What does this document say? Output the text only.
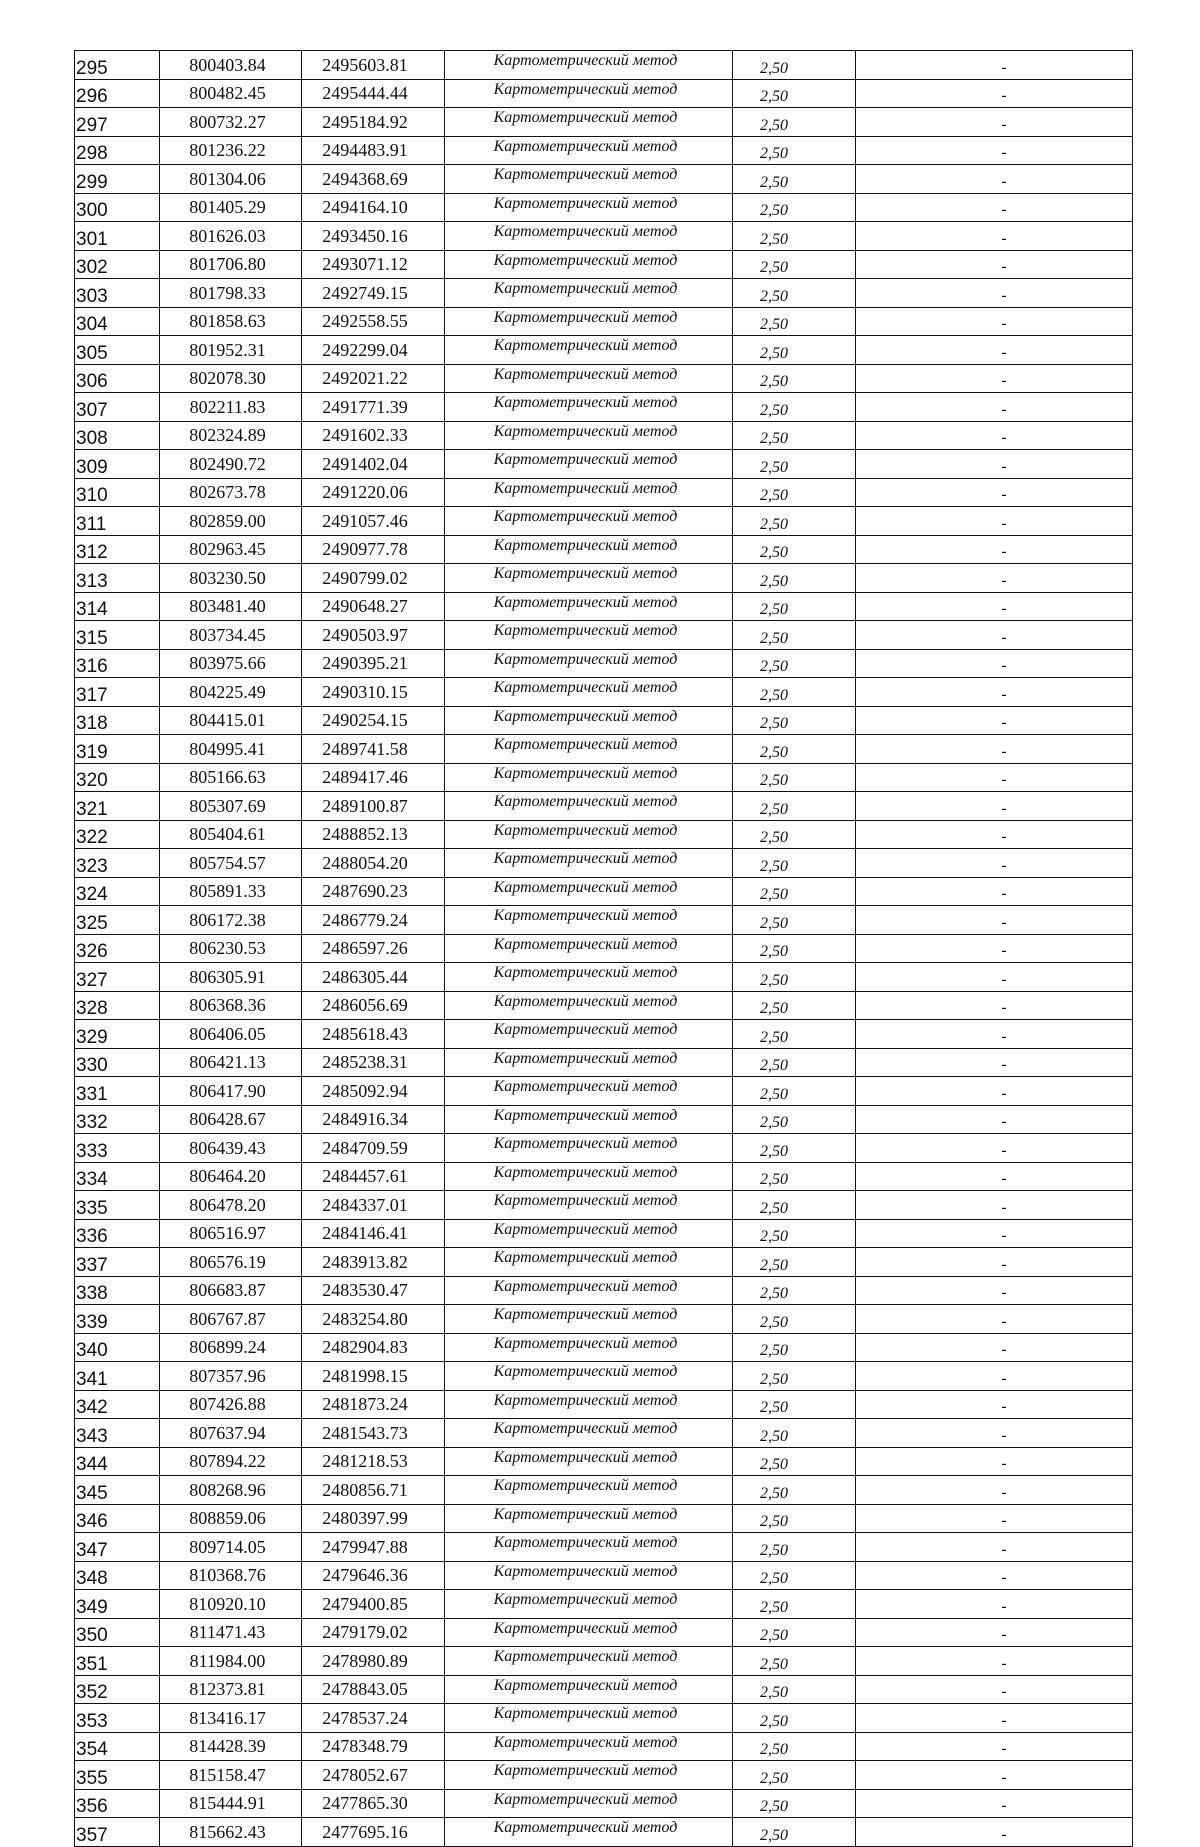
295	800403.84	2495603.81	Картометрический метод	2,50	-
296	800482.45	2495444.44	Картометрический метод	2,50	-
297	800732.27	2495184.92	Картометрический метод	2,50	-
298	801236.22	2494483.91	Картометрический метод	2,50	-
299	801304.06	2494368.69	Картометрический метод	2,50	-
300	801405.29	2494164.10	Картометрический метод	2,50	-
301	801626.03	2493450.16	Картометрический метод	2,50	-
302	801706.80	2493071.12	Картометрический метод	2,50	-
303	801798.33	2492749.15	Картометрический метод	2,50	-
304	801858.63	2492558.55	Картометрический метод	2,50	-
305	801952.31	2492299.04	Картометрический метод	2,50	-
306	802078.30	2492021.22	Картометрический метод	2,50	-
307	802211.83	2491771.39	Картометрический метод	2,50	-
308	802324.89	2491602.33	Картометрический метод	2,50	-
309	802490.72	2491402.04	Картометрический метод	2,50	-
310	802673.78	2491220.06	Картометрический метод	2,50	-
311	802859.00	2491057.46	Картометрический метод	2,50	-
312	802963.45	2490977.78	Картометрический метод	2,50	-
313	803230.50	2490799.02	Картометрический метод	2,50	-
314	803481.40	2490648.27	Картометрический метод	2,50	-
315	803734.45	2490503.97	Картометрический метод	2,50	-
316	803975.66	2490395.21	Картометрический метод	2,50	-
317	804225.49	2490310.15	Картометрический метод	2,50	-
318	804415.01	2490254.15	Картометрический метод	2,50	-
319	804995.41	2489741.58	Картометрический метод	2,50	-
320	805166.63	2489417.46	Картометрический метод	2,50	-
321	805307.69	2489100.87	Картометрический метод	2,50	-
322	805404.61	2488852.13	Картометрический метод	2,50	-
323	805754.57	2488054.20	Картометрический метод	2,50	-
324	805891.33	2487690.23	Картометрический метод	2,50	-
325	806172.38	2486779.24	Картометрический метод	2,50	-
326	806230.53	2486597.26	Картометрический метод	2,50	-
327	806305.91	2486305.44	Картометрический метод	2,50	-
328	806368.36	2486056.69	Картометрический метод	2,50	-
329	806406.05	2485618.43	Картометрический метод	2,50	-
330	806421.13	2485238.31	Картометрический метод	2,50	-
331	806417.90	2485092.94	Картометрический метод	2,50	-
332	806428.67	2484916.34	Картометрический метод	2,50	-
333	806439.43	2484709.59	Картометрический метод	2,50	-
334	806464.20	2484457.61	Картометрический метод	2,50	-
335	806478.20	2484337.01	Картометрический метод	2,50	-
336	806516.97	2484146.41	Картометрический метод	2,50	-
337	806576.19	2483913.82	Картометрический метод	2,50	-
338	806683.87	2483530.47	Картометрический метод	2,50	-
339	806767.87	2483254.80	Картометрический метод	2,50	-
340	806899.24	2482904.83	Картометрический метод	2,50	-
341	807357.96	2481998.15	Картометрический метод	2,50	-
342	807426.88	2481873.24	Картометрический метод	2,50	-
343	807637.94	2481543.73	Картометрический метод	2,50	-
344	807894.22	2481218.53	Картометрический метод	2,50	-
345	808268.96	2480856.71	Картометрический метод	2,50	-
346	808859.06	2480397.99	Картометрический метод	2,50	-
347	809714.05	2479947.88	Картометрический метод	2,50	-
348	810368.76	2479646.36	Картометрический метод	2,50	-
349	810920.10	2479400.85	Картометрический метод	2,50	-
350	811471.43	2479179.02	Картометрический метод	2,50	-
351	811984.00	2478980.89	Картометрический метод	2,50	-
352	812373.81	2478843.05	Картометрический метод	2,50	-
353	813416.17	2478537.24	Картометрический метод	2,50	-
354	814428.39	2478348.79	Картометрический метод	2,50	-
355	815158.47	2478052.67	Картометрический метод	2,50	-
356	815444.91	2477865.30	Картометрический метод	2,50	-
357	815662.43	2477695.16	Картометрический метод	2,50	-
